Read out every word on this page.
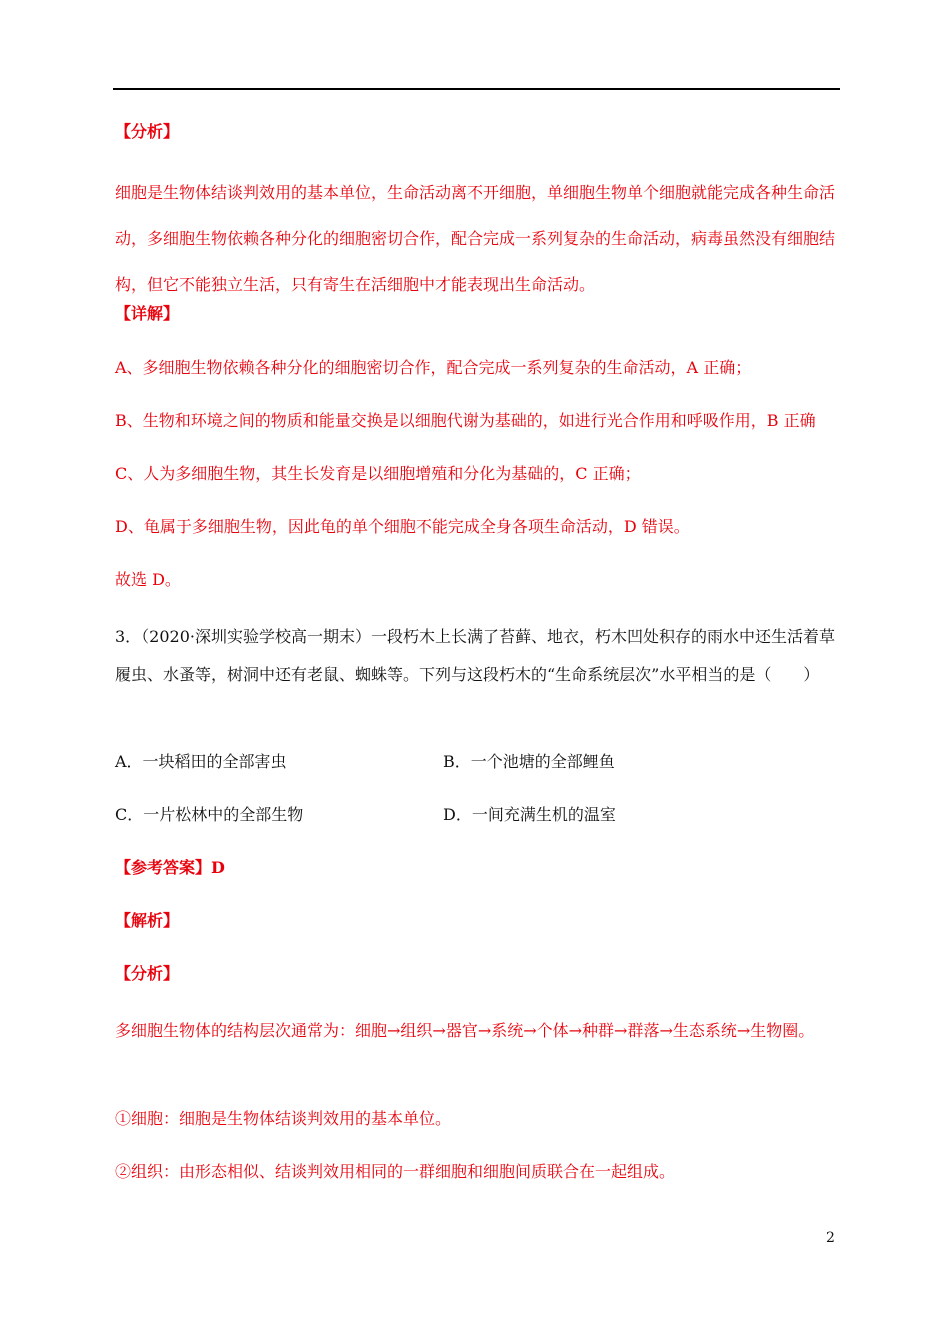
【分析】

细胞是生物体结谈判效用的基本单位，生命活动离不开细胞，单细胞生物单个细胞就能完成各种生命活动，多细胞生物依赖各种分化的细胞密切合作，配合完成一系列复杂的生命活动，病毒虽然没有细胞结构，但它不能独立生活，只有寄生在活细胞中才能表现出生命活动。

【详解】

A、多细胞生物依赖各种分化的细胞密切合作，配合完成一系列复杂的生命活动，A 正确；

B、生物和环境之间的物质和能量交换是以细胞代谢为基础的，如进行光合作用和呼吸作用，B 正确

C、人为多细胞生物，其生长发育是以细胞增殖和分化为基础的，C 正确；

D、龟属于多细胞生物，因此龟的单个细胞不能完成全身各项生命活动，D 错误。

故选 D。

3．（2020·深圳实验学校高一期末）一段朽木上长满了苔藓、地衣，朽木凹处积存的雨水中还生活着草履虫、水蚤等，树洞中还有老鼠、蜘蛛等。下列与这段朽木的“生命系统层次”水平相当的是（　　）

A．一块稻田的全部害虫	B．一个池塘的全部鲤鱼
C．一片松林中的全部生物	D．一间充满生机的温室

【参考答案】D

【解析】

【分析】

多细胞生物体的结构层次通常为：细胞→组织→器官→系统→个体→种群→群落→生态系统→生物圈。

①细胞：细胞是生物体结谈判效用的基本单位。

②组织：由形态相似、结谈判效用相同的一群细胞和细胞间质联合在一起组成。

2
